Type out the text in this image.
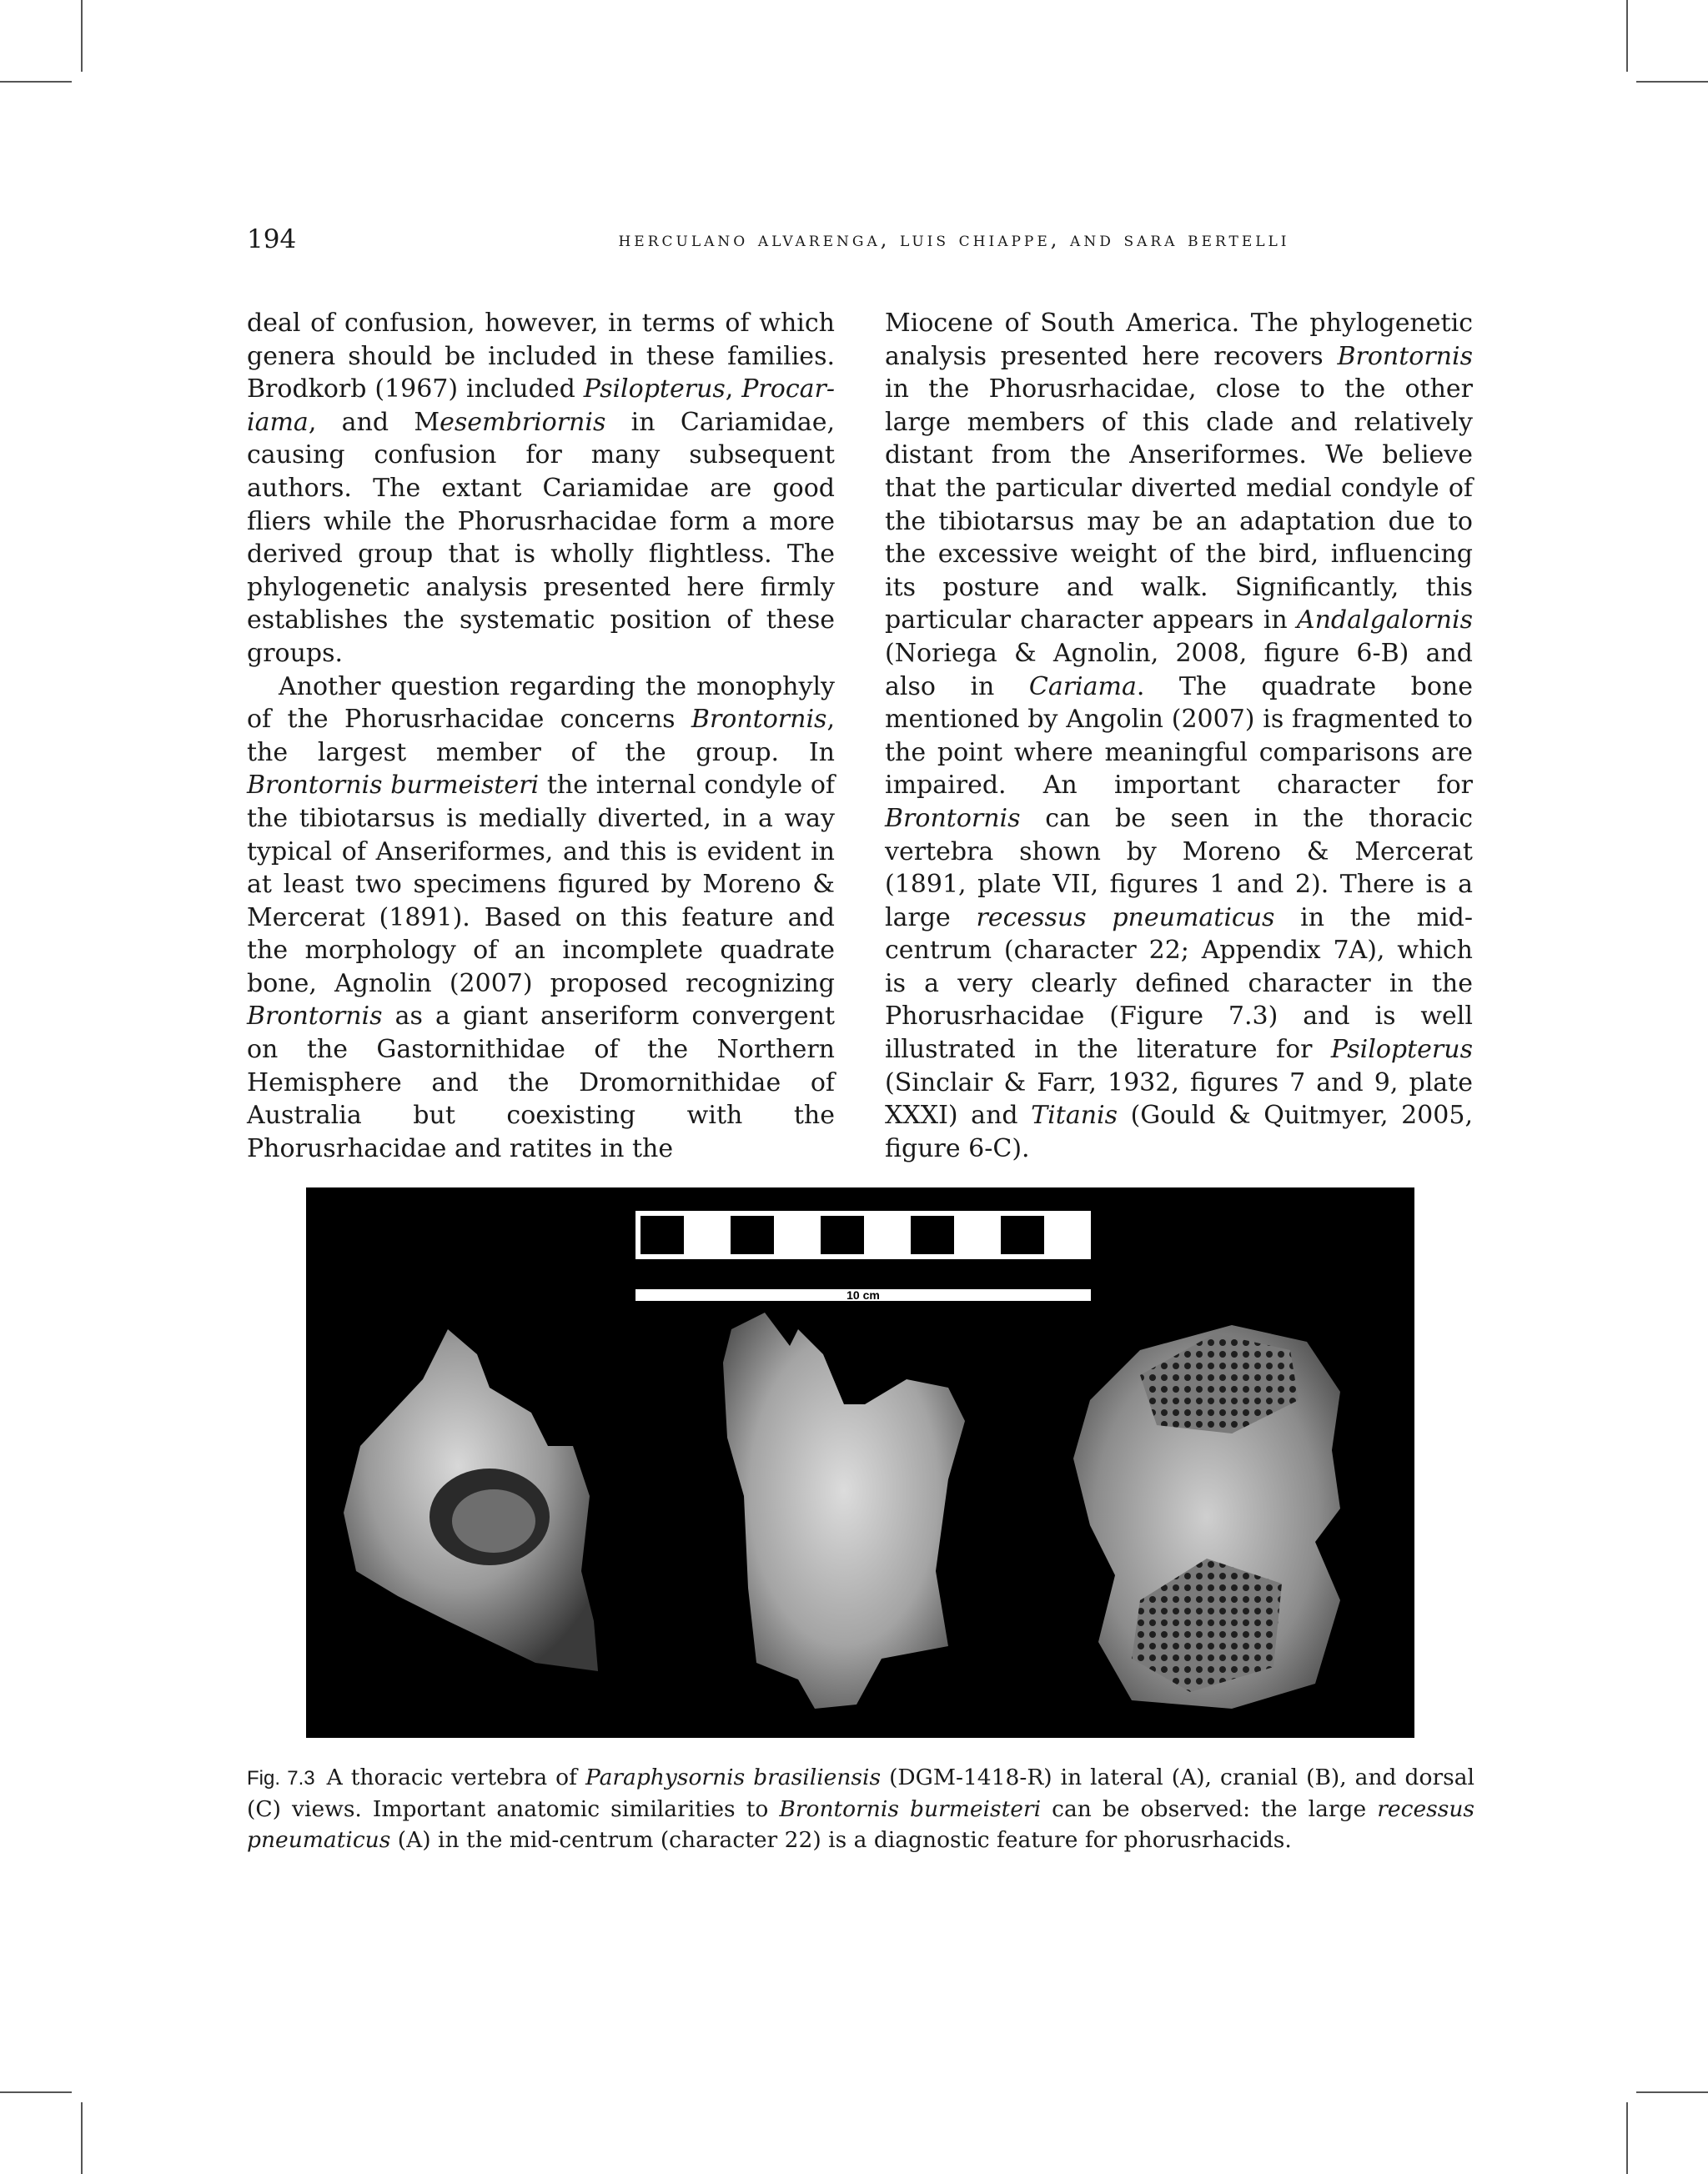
194	herculano alvarenga, luis chiappe, and sara bertelli

deal of confusion, however, in terms of which genera should be included in these families. Brodkorb (1967) included Psilopterus, Procariama, and Mesembriornis in Cariamidae, causing confusion for many subsequent authors. The extant Cariamidae are good fliers while the Phorusrhacidae form a more derived group that is wholly flightless. The phylogenetic analysis presented here firmly establishes the systematic position of these groups.

Another question regarding the monophyly of the Phorusrhacidae concerns Brontornis, the largest member of the group. In Brontornis burmeisteri the internal condyle of the tibiotarsus is medially diverted, in a way typical of Anseriformes, and this is evident in at least two specimens figured by Moreno & Mercerat (1891). Based on this feature and the morphology of an incomplete quadrate bone, Agnolin (2007) proposed recognizing Brontornis as a giant anseriform convergent on the Gastornithidae of the Northern Hemisphere and the Dromornithidae of Australia but coexisting with the Phorusrhacidae and ratites in the

Miocene of South America. The phylogenetic analysis presented here recovers Brontornis in the Phorusrhacidae, close to the other large members of this clade and relatively distant from the Anseriformes. We believe that the particular diverted medial condyle of the tibiotarsus may be an adaptation due to the excessive weight of the bird, influencing its posture and walk. Significantly, this particular character appears in Andalgalornis (Noriega & Agnolin, 2008, figure 6-B) and also in Cariama. The quadrate bone mentioned by Angolin (2007) is fragmented to the point where meaningful comparisons are impaired. An important character for Brontornis can be seen in the thoracic vertebra shown by Moreno & Mercerat (1891, plate VII, figures 1 and 2). There is a large recessus pneumaticus in the mid-centrum (character 22; Appendix 7A), which is a very clearly defined character in the Phorusrhacidae (Figure 7.3) and is well illustrated in the literature for Psilopterus (Sinclair & Farr, 1932, figures 7 and 9, plate XXXI) and Titanis (Gould & Quitmyer, 2005, figure 6-C).

10 cm
Fig. 7.3 A thoracic vertebra of Paraphysornis brasiliensis (DGM-1418-R) in lateral (A), cranial (B), and dorsal (C) views. Important anatomic similarities to Brontornis burmeisteri can be observed: the large recessus pneumaticus (A) in the mid-centrum (character 22) is a diagnostic feature for phorusrhacids.
